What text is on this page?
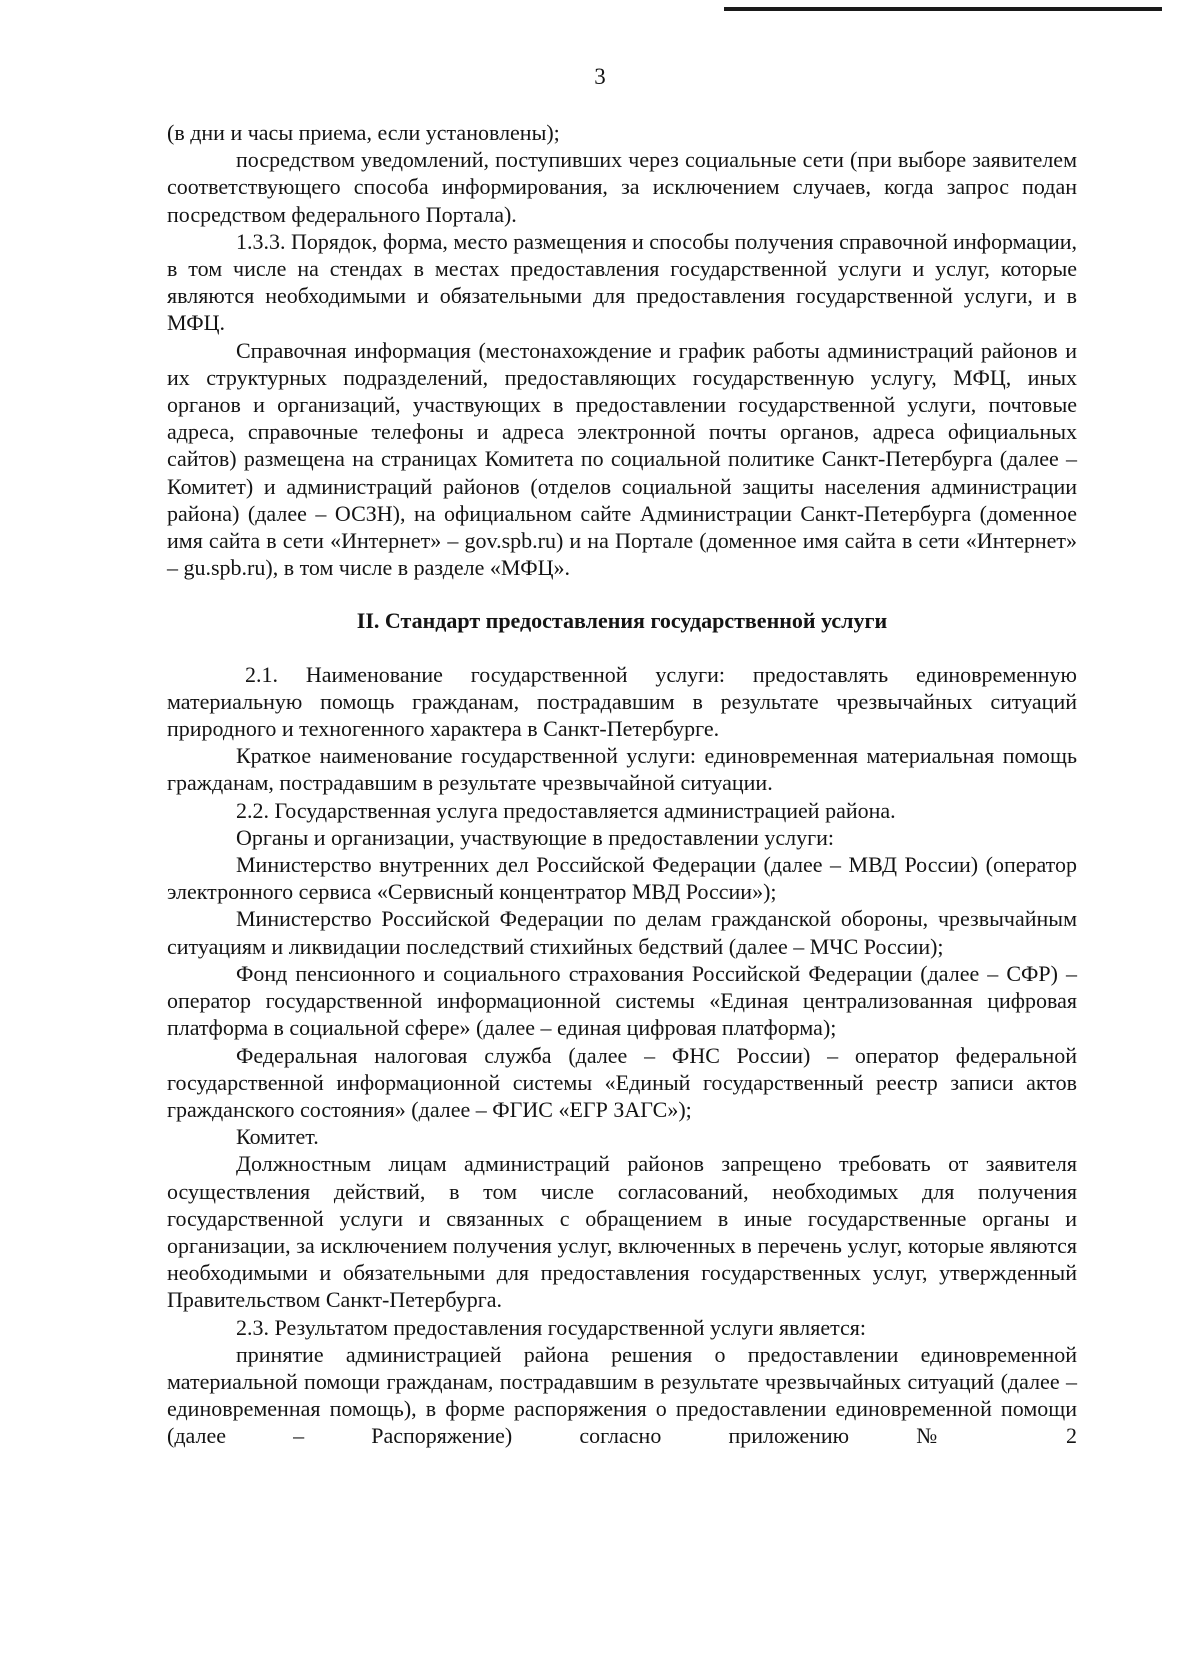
3

(в дни и часы приема, если установлены);

посредством уведомлений, поступивших через социальные сети (при выборе заявителем соответствующего способа информирования, за исключением случаев, когда запрос подан посредством федерального Портала).

1.3.3. Порядок, форма, место размещения и способы получения справочной информации, в том числе на стендах в местах предоставления государственной услуги и услуг, которые являются необходимыми и обязательными для предоставления государственной услуги, и в МФЦ.

Справочная информация (местонахождение и график работы администраций районов и их структурных подразделений, предоставляющих государственную услугу, МФЦ, иных органов и организаций, участвующих в предоставлении государственной услуги, почтовые адреса, справочные телефоны и адреса электронной почты органов, адреса официальных сайтов) размещена на страницах Комитета по социальной политике Санкт-Петербурга (далее – Комитет) и администраций районов (отделов социальной защиты населения администрации района) (далее – ОСЗН), на официальном сайте Администрации Санкт-Петербурга (доменное имя сайта в сети «Интернет» – gov.spb.ru) и на Портале (доменное имя сайта в сети «Интернет» – gu.spb.ru), в том числе в разделе «МФЦ».

II. Стандарт предоставления государственной услуги

2.1. Наименование государственной услуги: предоставлять единовременную материальную помощь гражданам, пострадавшим в результате чрезвычайных ситуаций природного и техногенного характера в Санкт-Петербурге.

Краткое наименование государственной услуги: единовременная материальная помощь гражданам, пострадавшим в результате чрезвычайной ситуации.

2.2. Государственная услуга предоставляется администрацией района.

Органы и организации, участвующие в предоставлении услуги:

Министерство внутренних дел Российской Федерации (далее – МВД России) (оператор электронного сервиса «Сервисный концентратор МВД России»);

Министерство Российской Федерации по делам гражданской обороны, чрезвычайным ситуациям и ликвидации последствий стихийных бедствий (далее – МЧС России);

Фонд пенсионного и социального страхования Российской Федерации (далее – СФР) – оператор государственной информационной системы «Единая централизованная цифровая платформа в социальной сфере» (далее – единая цифровая платформа);

Федеральная налоговая служба (далее – ФНС России) – оператор федеральной государственной информационной системы «Единый государственный реестр записи актов гражданского состояния» (далее – ФГИС «ЕГР ЗАГС»);

Комитет.

Должностным лицам администраций районов запрещено требовать от заявителя осуществления действий, в том числе согласований, необходимых для получения государственной услуги и связанных с обращением в иные государственные органы и организации, за исключением получения услуг, включенных в перечень услуг, которые являются необходимыми и обязательными для предоставления государственных услуг, утвержденный Правительством Санкт-Петербурга.

2.3. Результатом предоставления государственной услуги является:

принятие администрацией района решения о предоставлении единовременной материальной помощи гражданам, пострадавшим в результате чрезвычайных ситуаций (далее – единовременная помощь), в форме распоряжения о предоставлении единовременной помощи (далее – Распоряжение) согласно приложению № 2
